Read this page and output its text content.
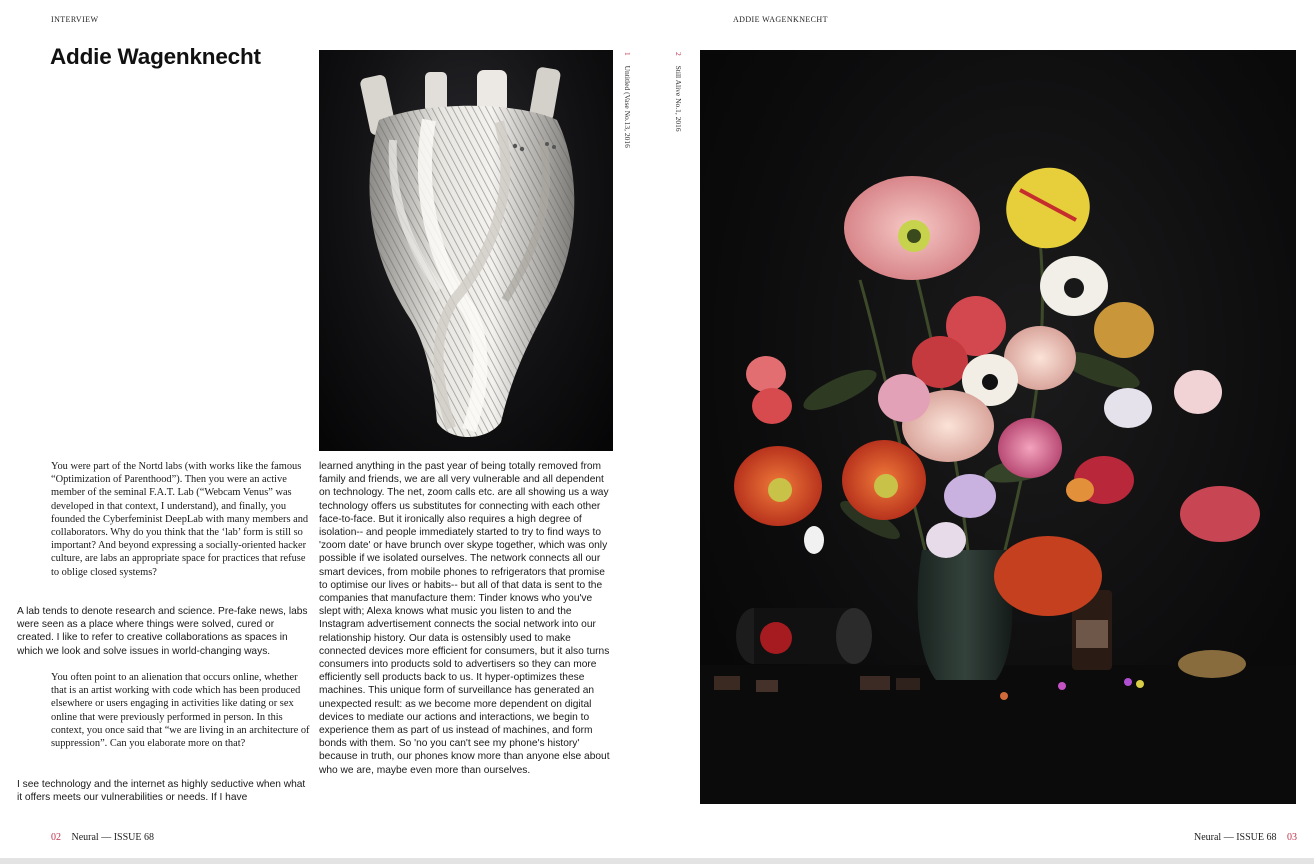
INTERVIEW
Addie Wagenknecht

You were part of the Nortd labs (with works like the famous “Optimization of Parenthood”). Then you were an active member of the seminal F.A.T. Lab (“Webcam Venus” was developed in that context, I understand), and finally, you founded the Cyberfeminist DeepLab with many members and collaborators. Why do you think that the ‘lab’ form is still so important? And beyond expressing a socially-oriented hacker culture, are labs an appropriate space for practices that refuse to oblige closed systems?

A lab tends to denote research and science. Pre-fake news, labs were seen as a place where things were solved, cured or created. I like to refer to creative collaborations as spaces in which we look and solve issues in world-changing ways.

You often point to an alienation that occurs online, whether that is an artist working with code which has been produced elsewhere or users engaging in activities like dating or sex online that were previously performed in person. In this context, you once said that “we are living in an architecture of suppression”. Can you elaborate more on that?

I see technology and the internet as highly seductive when what it offers meets our vulnerabilities or needs. If I have

learned anything in the past year of being totally removed from family and friends, we are all very vulnerable and all dependent on technology. The net, zoom calls etc. are all showing us a way technology offers us substitutes for connecting with each other face-to-face. But it ironically also requires a high degree of isolation-- and people immediately started to try to find ways to 'zoom date' or have brunch over skype together, which was only possible if we isolated ourselves. The network connects all our smart devices, from mobile phones to refrigerators that promise to optimise our lives or habits-- but all of that data is sent to the companies that manufacture them: Tinder knows who you've slept with; Alexa knows what music you listen to and the Instagram advertisement connects the social network into our relationship history. Our data is ostensibly used to make connected devices more efficient for consumers, but it also turns consumers into products sold to advertisers so they can more efficiently sell products back to us. It hyper-optimizes these machines. This unique form of surveillance has generated an unexpected result: as we become more dependent on digital devices to mediate our actions and interactions, we begin to experience them as part of us instead of machines, and form bonds with them. So 'no you can't see my phone's history' because in truth, our phones know more than anyone else about who we are, maybe even more than ourselves.

02 Neural — ISSUE 68
1 Untitled (Vase No.13, 2016
2 Still Alive No.1, 2016
ADDIE WAGENKNECHT
Neural — ISSUE 68 03
